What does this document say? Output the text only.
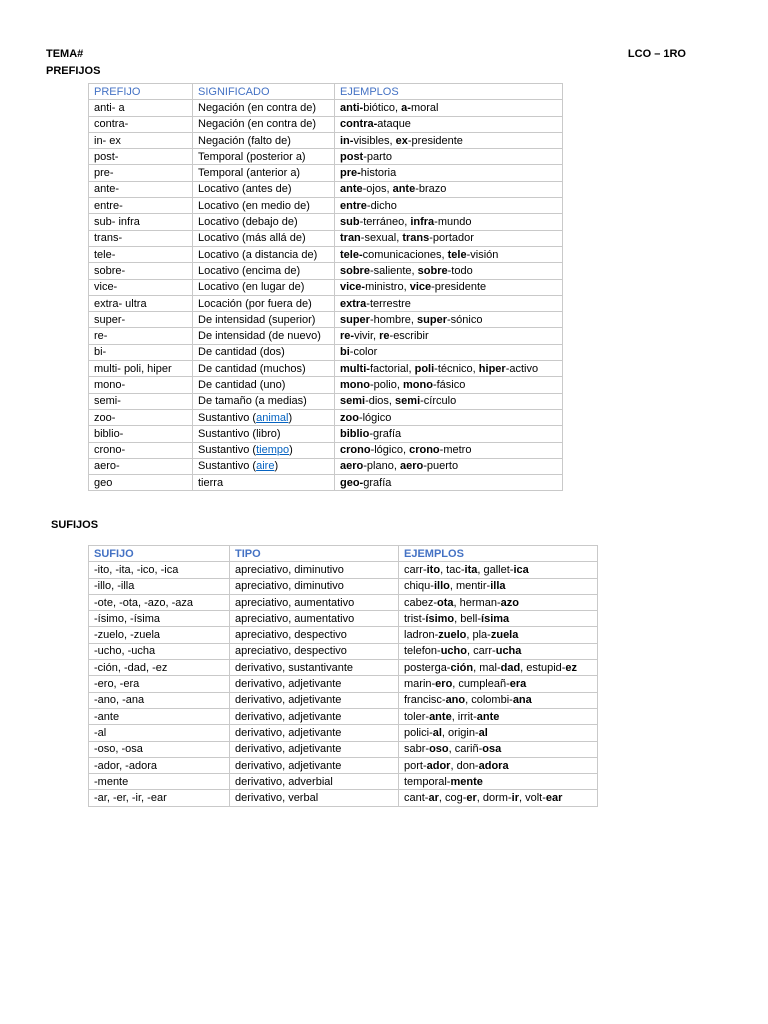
TEMA#
PREFIJOS
LCO – 1RO
PREFIJO	SIGNIFICADO	EJEMPLOS
anti- a	Negación (en contra de)	anti-biótico, a-moral
contra-	Negación (en contra de)	contra-ataque
in- ex	Negación (falto de)	in-visibles, ex-presidente
post-	Temporal (posterior a)	post-parto
pre-	Temporal (anterior a)	pre-historia
ante-	Locativo (antes de)	ante-ojos, ante-brazo
entre-	Locativo (en medio de)	entre-dicho
sub- infra	Locativo (debajo de)	sub-terráneo, infra-mundo
trans-	Locativo (más allá de)	tran-sexual, trans-portador
tele-	Locativo (a distancia de)	tele-comunicaciones, tele-visión
sobre-	Locativo (encima de)	sobre-saliente, sobre-todo
vice-	Locativo (en lugar de)	vice-ministro, vice-presidente
extra- ultra	Locación (por fuera de)	extra-terrestre
super-	De intensidad (superior)	super-hombre, super-sónico
re-	De intensidad (de nuevo)	re-vivir, re-escribir
bi-	De cantidad (dos)	bi-color
multi- poli, hiper	De cantidad (muchos)	multi-factorial, poli-técnico, hiper-activo
mono-	De cantidad (uno)	mono-polio, mono-fásico
semi-	De tamaño (a medias)	semi-dios, semi-círculo
zoo-	Sustantivo (animal)	zoo-lógico
biblio-	Sustantivo (libro)	biblio-grafía
crono-	Sustantivo (tiempo)	crono-lógico, crono-metro
aero-	Sustantivo (aire)	aero-plano, aero-puerto
geo	tierra	geo-grafía
SUFIJOS
SUFIJO	TIPO	EJEMPLOS
-ito, -ita, -ico, -ica	apreciativo, diminutivo	carr-ito, tac-ita, gallet-ica
-illo, -illa	apreciativo, diminutivo	chiqu-illo, mentir-illa
-ote, -ota, -azo, -aza	apreciativo, aumentativo	cabez-ota, herman-azo
-ísimo, -ísima	apreciativo, aumentativo	trist-ísimo, bell-ísima
-zuelo, -zuela	apreciativo, despectivo	ladron-zuelo, pla-zuela
-ucho, -ucha	apreciativo, despectivo	telefon-ucho, carr-ucha
-ción, -dad, -ez	derivativo, sustantivante	posterga-ción, mal-dad, estupid-ez
-ero, -era	derivativo, adjetivante	marin-ero, cumpleañ-era
-ano, -ana	derivativo, adjetivante	francisc-ano, colombi-ana
-ante	derivativo, adjetivante	toler-ante, irrit-ante
-al	derivativo, adjetivante	polici-al, origin-al
-oso, -osa	derivativo, adjetivante	sabr-oso, cariñ-osa
-ador, -adora	derivativo, adjetivante	port-ador, don-adora
-mente	derivativo, adverbial	temporal-mente
-ar, -er, -ir, -ear	derivativo, verbal	cant-ar, cog-er, dorm-ir, volt-ear
